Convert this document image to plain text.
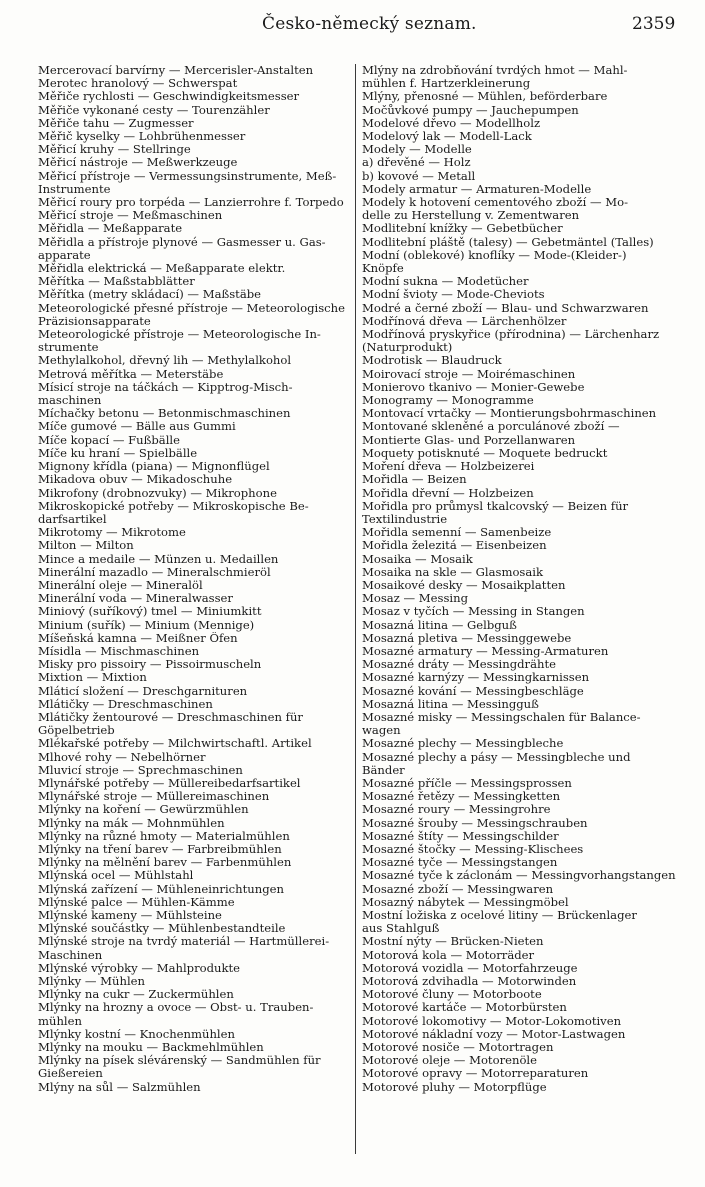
Česko-německý seznam.	2359
Mercerovací barvírny — Mercerisler-Anstalten
Merotec hranolový — Schwerspat
Měřiče rychlosti — Geschwindigkeitsmesser
Měřiče vykonané cesty — Tourenzähler
Měřiče tahu — Zugmesser
Měřič kyselky — Lohbrühenmesser
Měřicí kruhy — Stellringe
Měřicí nástroje — Meßwerkzeuge
Měřicí přístroje — Vermessungsinstrumente, Meß-
Instrumente
Měřicí roury pro torpéda — Lanzierrohre f. Torpedo
Měřicí stroje — Meßmaschinen
Měřidla — Meßapparate
Měřidla a přístroje plynové — Gasmesser u. Gas-
apparate
Měřidla elektrická — Meßapparate elektr.
Měřítka — Maßstabblätter
Měřítka (metry skládací) — Maßstäbe
Meteorologické přesné přístroje — Meteorologische
Präzisionsapparate
Meteorologické přístroje — Meteorologische In-
strumente
Methylalkohol, dřevný lih — Methylalkohol
Metrová měřítka — Meterstäbe
Mísicí stroje na táčkách — Kipptrog-Misch-
maschinen
Míchačky betonu — Betonmischmaschinen
Míče gumové — Bälle aus Gummi
Míče kopací — Fußbälle
Míče ku hraní — Spielbälle
Mignony křídla (piana) — Mignonflügel
Mikadova obuv — Mikadoschuhe
Mikrofony (drobnozvuky) — Mikrophone
Mikroskopické potřeby — Mikroskopische Be-
darfsartikel
Mikrotomy — Mikrotome
Milton — Milton
Mince a medaile — Münzen u. Medaillen
Minerální mazadlo — Mineralschmieröl
Minerální oleje — Mineralöl
Minerální voda — Mineralwasser
Miniový (suříkový) tmel — Miniumkitt
Minium (suřík) — Minium (Mennige)
Míšeňská kamna — Meißner Öfen
Mísidla — Mischmaschinen
Misky pro pissoiry — Pissoirmuscheln
Mixtion — Mixtion
Mláticí složení — Dreschgarnituren
Mlátičky — Dreschmaschinen
Mlátičky žentourové — Dreschmaschinen für
Göpelbetrieb
Mlékařské potřeby — Milchwirtschaftl. Artikel
Mlhové rohy — Nebelhörner
Mluvicí stroje — Sprechmaschinen
Mlynářské potřeby — Müllereibedarfsartikel
Mlynářské stroje — Müllereimaschinen
Mlýnky na koření — Gewürzmühlen
Mlýnky na mák — Mohnmühlen
Mlýnky na různé hmoty — Materialmühlen
Mlýnky na tření barev — Farbreibmühlen
Mlýnky na mělnění barev — Farbenmühlen
Mlýnská ocel — Mühlstahl
Mlýnská zařízení — Mühleneinrichtungen
Mlýnské palce — Mühlen-Kämme
Mlýnské kameny — Mühlsteine
Mlýnské součástky — Mühlenbestandteile
Mlýnské stroje na tvrdý materiál — Hartmüllerei-
Maschinen
Mlýnské výrobky — Mahlprodukte
Mlýnky — Mühlen
Mlýnky na cukr — Zuckermühlen
Mlýnky na hrozny a ovoce — Obst- u. Trauben-
mühlen
Mlýnky kostní — Knochenmühlen
Mlýnky na mouku — Backmehlmühlen
Mlýnky na písek slévárenský — Sandmühlen für
Gießereien
Mlýny na sůl — Salzmühlen
Mlýny na zdrobňování tvrdých hmot — Mahl-
mühlen f. Hartzerkleinerung
Mlýny, přenosné — Mühlen, beförderbare
Močůvkové pumpy — Jauchepumpen
Modelové dřevo — Modellholz
Modelový lak — Modell-Lack
Modely — Modelle
a) dřevěné — Holz
b) kovové — Metall
Modely armatur — Armaturen-Modelle
Modely k hotovení cementového zboží — Mo-
delle zu Herstellung v. Zementwaren
Modlitební knížky — Gebetbücher
Modlitební pláště (talesy) — Gebetmäntel (Talles)
Modní (oblekové) knoflíky — Mode-(Kleider-)
Knöpfe
Modní sukna — Modetücher
Modní švioty — Mode-Cheviots
Modré a černé zboží — Blau- und Schwarzwaren
Modřínová dřeva — Lärchenhölzer
Modřínová pryskyřice (přírodnina) — Lärchenharz
(Naturprodukt)
Modrotisk — Blaudruck
Moirovací stroje — Moirémaschinen
Monierovo tkanivo — Monier-Gewebe
Monogramy — Monogramme
Montovací vrtačky — Montierungsbohrmaschinen
Montované skleněné a porculánové zboží —
Montierte Glas- und Porzellanwaren
Moquety potisknuté — Moquete bedruckt
Moření dřeva — Holzbeizerei
Mořidla — Beizen
Mořidla dřevní — Holzbeizen
Mořidla pro průmysl tkalcovský — Beizen für
Textilindustrie
Mořidla semenní — Samenbeize
Mořidla železitá — Eisenbeizen
Mosaika — Mosaik
Mosaika na skle — Glasmosaik
Mosaikové desky — Mosaikplatten
Mosaz — Messing
Mosaz v tyčích — Messing in Stangen
Mosazná litina — Gelbguß
Mosazná pletiva — Messinggewebe
Mosazné armatury — Messing-Armaturen
Mosazné dráty — Messingdrähte
Mosazné karnýzy — Messingkarnissen
Mosazné kování — Messingbeschläge
Mosazná litina — Messingguß
Mosazné misky — Messingschalen für Balance-
wagen
Mosazné plechy — Messingbleche
Mosazné plechy a pásy — Messingbleche und
Bänder
Mosazné příčle — Messingsprossen
Mosazné řetězy — Messingketten
Mosazné roury — Messingrohre
Mosazné šrouby — Messingschrauben
Mosazné štíty — Messingschilder
Mosazné štočky — Messing-Klischees
Mosazné tyče — Messingstangen
Mosazné tyče k záclonám — Messingvorhangstangen
Mosazné zboží — Messingwaren
Mosazný nábytek — Messingmöbel
Mostní ložiska z ocelové litiny — Brückenlager
aus Stahlguß
Mostní nýty — Brücken-Nieten
Motorová kola — Motorräder
Motorová vozidla — Motorfahrzeuge
Motorová zdvihadla — Motorwinden
Motorové čluny — Motorboote
Motorové kartáče — Motorbürsten
Motorové lokomotivy — Motor-Lokomotiven
Motorové nákladní vozy — Motor-Lastwagen
Motorové nosiče — Motortragen
Motorové oleje — Motorenöle
Motorové opravy — Motorreparaturen
Motorové pluhy — Motorpflüge
